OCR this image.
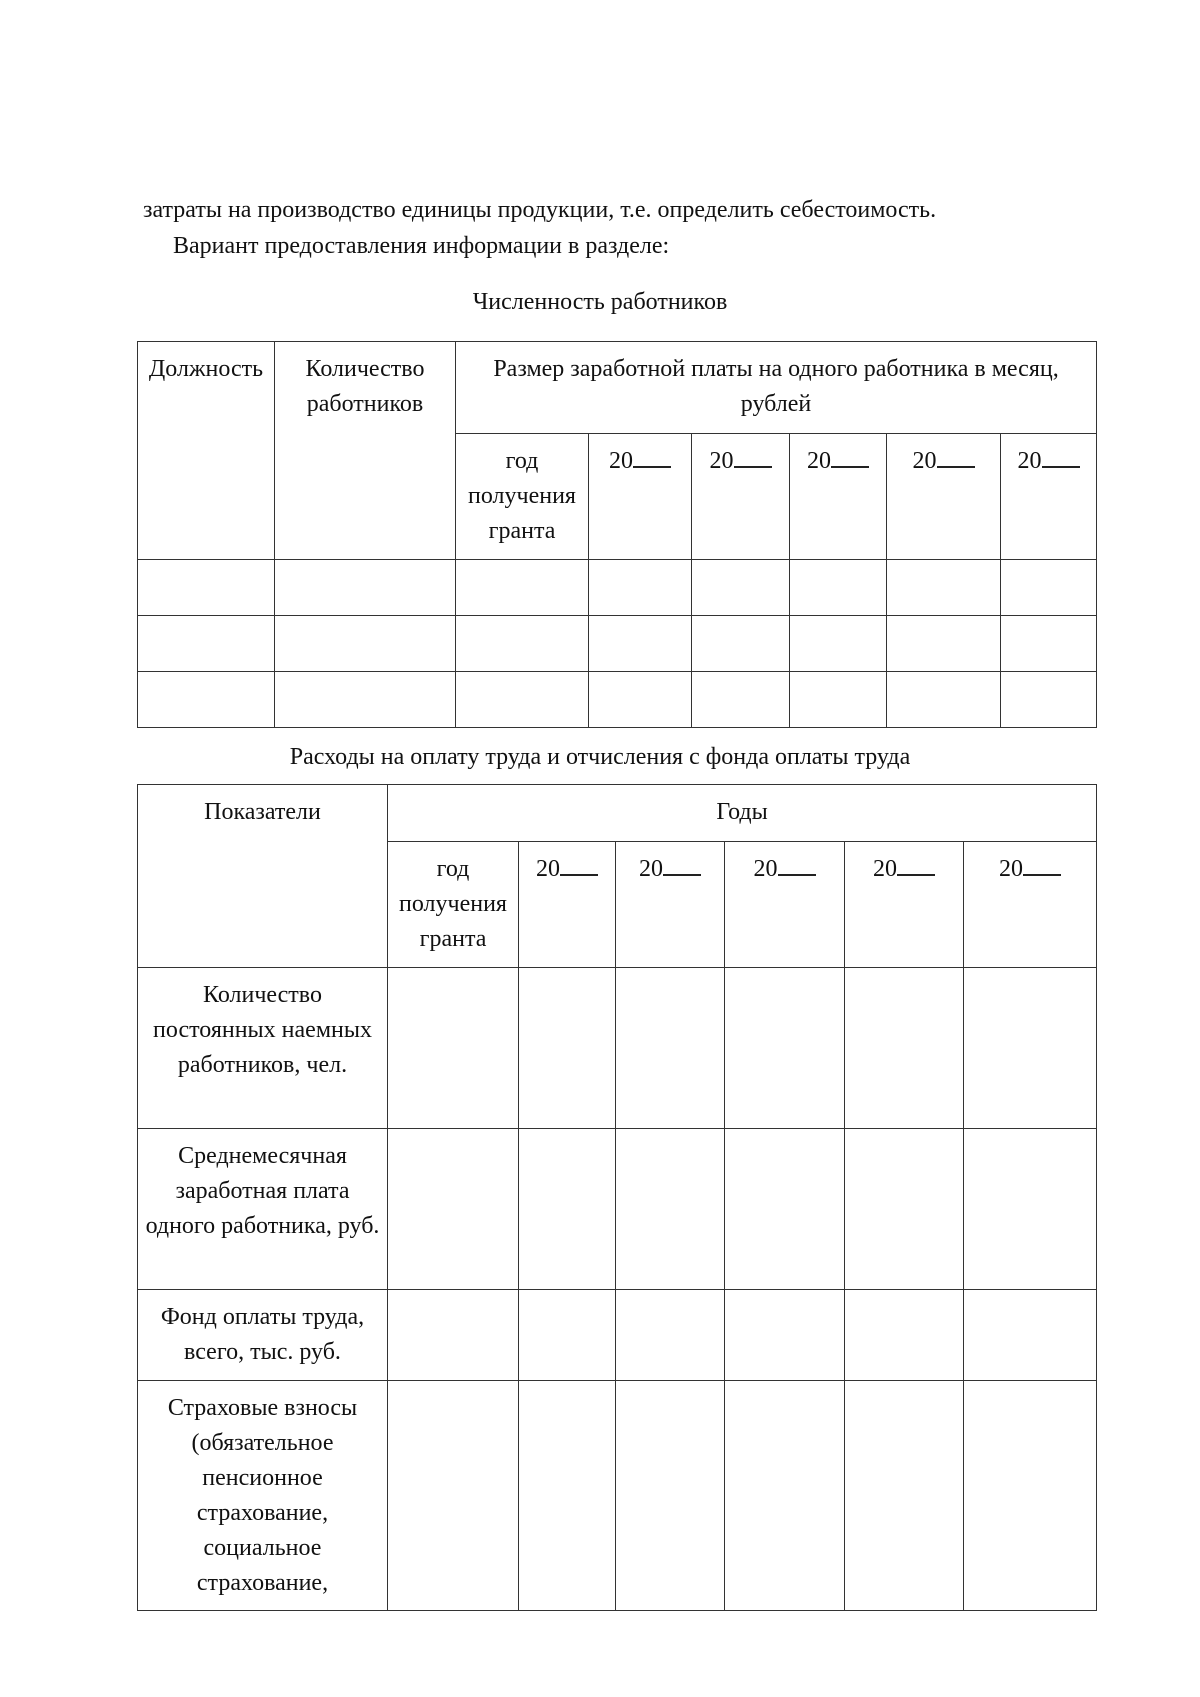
затраты на производство единицы продукции, т.е. определить себестоимость.

Вариант предоставления информации в разделе:

Численность работников

Должность	Количество работников	Размер заработной платы на одного работника в месяц, рублей					
		год получения гранта	20	20	20	20	20

Расходы на оплату труда и отчисления с фонда оплаты труда

Показатели	Годы					
	год получения гранта	20	20	20	20	20
Количество постоянных наемных работников, чел.						
Среднемесячная заработная плата одного работника, руб.						
Фонд оплаты труда, всего, тыс. руб.						
Страховые взносы (обязательное пенсионное страхование, социальное страхование,						
